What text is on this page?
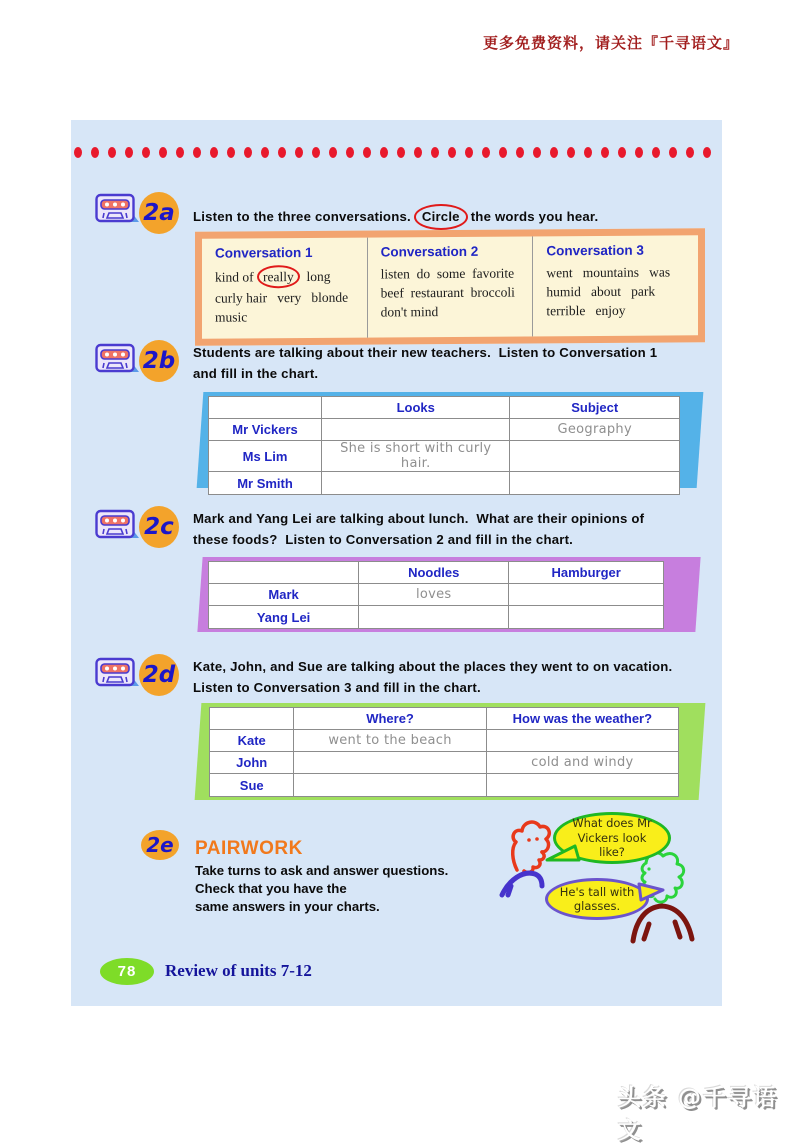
更多免费资料，请关注『千寻语文』
2a	Listen to the three conversations. Circle the words you hear.
Conversation 1
kind of really long
curly hair   very   blonde
music
Conversation 2
listen  do  some  favorite
beef  restaurant  broccoli
don't mind
Conversation 3
went   mountains   was
humid   about   park
terrible   enjoy
2b Students are talking about their new teachers.  Listen to Conversation 1
and fill in the chart.
	Looks	Subject
Mr Vickers		Geography
Ms Lim	She is short with curly hair.	
Mr Smith		
2c	Mark and Yang Lei are talking about lunch.  What are their opinions of
these foods?  Listen to Conversation 2 and fill in the chart.
	Noodles	Hamburger
Mark	loves	
Yang Lei		
2d Kate, John, and Sue are talking about the places they went to on vacation.
Listen to Conversation 3 and fill in the chart.
	Where?	How was the weather?
Kate	went to the beach	
John		cold and windy
Sue		
2e PAIRWORK
Take turns to ask and answer questions.
Check that you have the
same answers in your charts.
What does Mr Vickers look like?
He's tall with glasses.
78	Review of units 7-12
头条 @千寻语文
